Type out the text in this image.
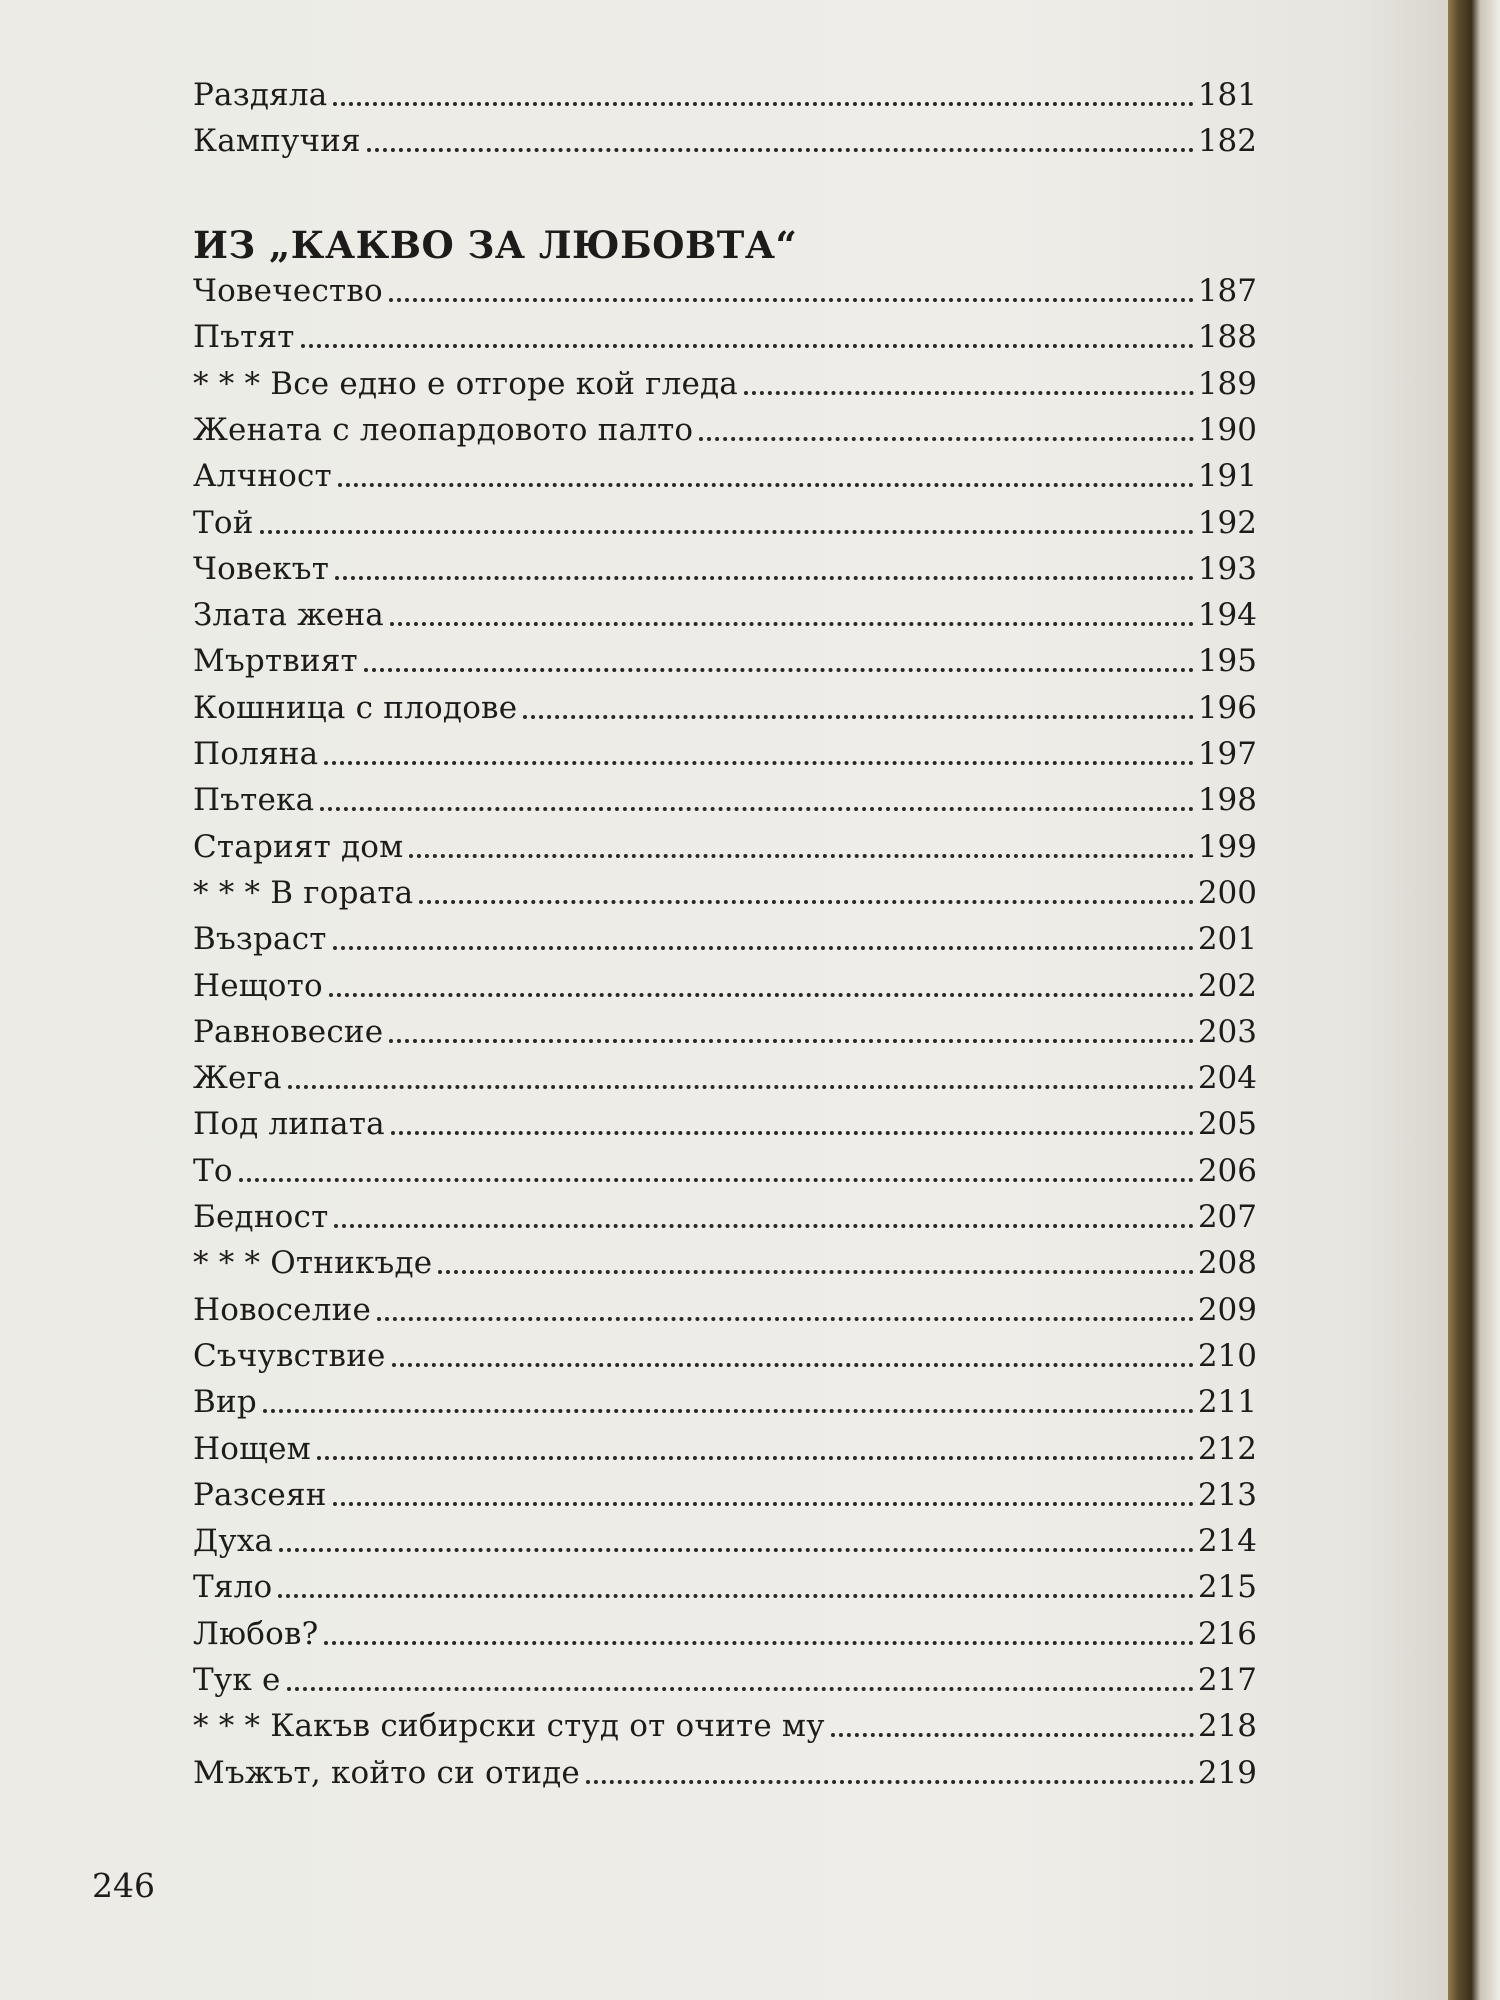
Раздяла	181
Кампучия	182
ИЗ „КАКВО ЗА ЛЮБОВТА“
Човечество	187
Пътят	188
* * * Все едно е отгоре кой гледа	189
Жената с леопардовото палто	190
Алчност	191
Той	192
Човекът	193
Злата жена	194
Мъртвият	195
Кошница с плодове	196
Поляна	197
Пътека	198
Старият дом	199
* * * В гората	200
Възраст	201
Нещото	202
Равновесие	203
Жега	204
Под липата	205
То	206
Бедност	207
* * * Отникъде	208
Новоселие	209
Съчувствие	210
Вир	211
Нощем	212
Разсеян	213
Духа	214
Тяло	215
Любов?	216
Тук е	217
* * * Какъв сибирски студ от очите му	218
Мъжът, който си отиде	219
246
